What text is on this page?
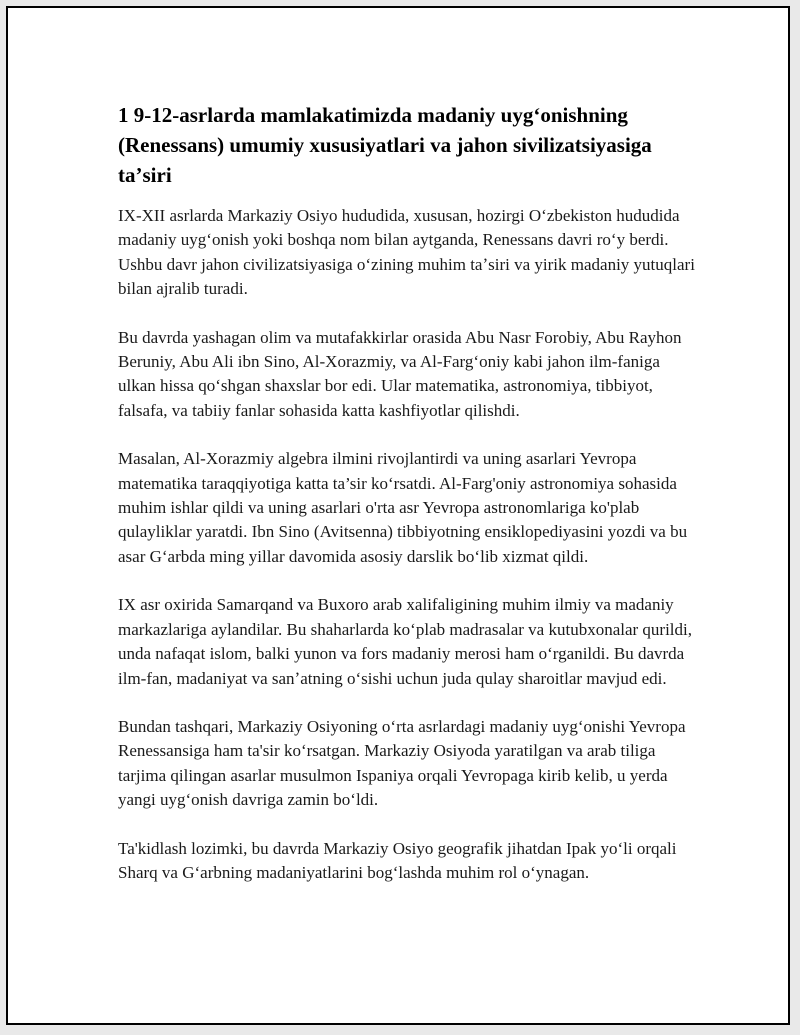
1 9-12-asrlarda mamlakatimizda madaniy uygʻonishning (Renessans) umumiy xususiyatlari va jahon sivilizatsiyasiga taʼsiri

IX-XII asrlarda Markaziy Osiyo hududida, xususan, hozirgi Oʻzbekiston hududida madaniy uygʻonish yoki boshqa nom bilan aytganda, Renessans davri roʻy berdi. Ushbu davr jahon civilizatsiyasiga oʻzining muhim taʼsiri va yirik madaniy yutuqlari bilan ajralib turadi.

Bu davrda yashagan olim va mutafakkirlar orasida Abu Nasr Forobiy, Abu Rayhon Beruniy, Abu Ali ibn Sino, Al-Xorazmiy, va Al-Fargʻoniy kabi jahon ilm-faniga ulkan hissa qoʻshgan shaxslar bor edi. Ular matematika, astronomiya, tibbiyot, falsafa, va tabiiy fanlar sohasida katta kashfiyotlar qilishdi.

Masalan, Al-Xorazmiy algebra ilmini rivojlantirdi va uning asarlari Yevropa matematika taraqqiyotiga katta ta’sir ko‘rsatdi. Al-Farg'oniy astronomiya sohasida muhim ishlar qildi va uning asarlari o'rta asr Yevropa astronomlariga ko'plab qulayliklar yaratdi. Ibn Sino (Avitsenna) tibbiyotning ensiklopediyasini yozdi va bu asar Gʻarbda ming yillar davomida asosiy darslik boʻlib xizmat qildi.

IX asr oxirida Samarqand va Buxoro arab xalifaligining muhim ilmiy va madaniy markazlariga aylandilar. Bu shaharlarda koʻplab madrasalar va kutubxonalar qurildi, unda nafaqat islom, balki yunon va fors madaniy merosi ham oʻrganildi. Bu davrda ilm-fan, madaniyat va sanʼatning oʻsishi uchun juda qulay sharoitlar mavjud edi.

Bundan tashqari, Markaziy Osiyoning oʻrta asrlardagi madaniy uygʻonishi Yevropa Renessansiga ham ta'sir koʻrsatgan. Markaziy Osiyoda yaratilgan va arab tiliga tarjima qilingan asarlar musulmon Ispaniya orqali Yevropaga kirib kelib, u yerda yangi uygʻonish davriga zamin boʻldi.

Ta'kidlash lozimki, bu davrda Markaziy Osiyo geografik jihatdan Ipak yoʻli orqali Sharq va Gʻarbning madaniyatlarini bogʻlashda muhim rol oʻynagan.
